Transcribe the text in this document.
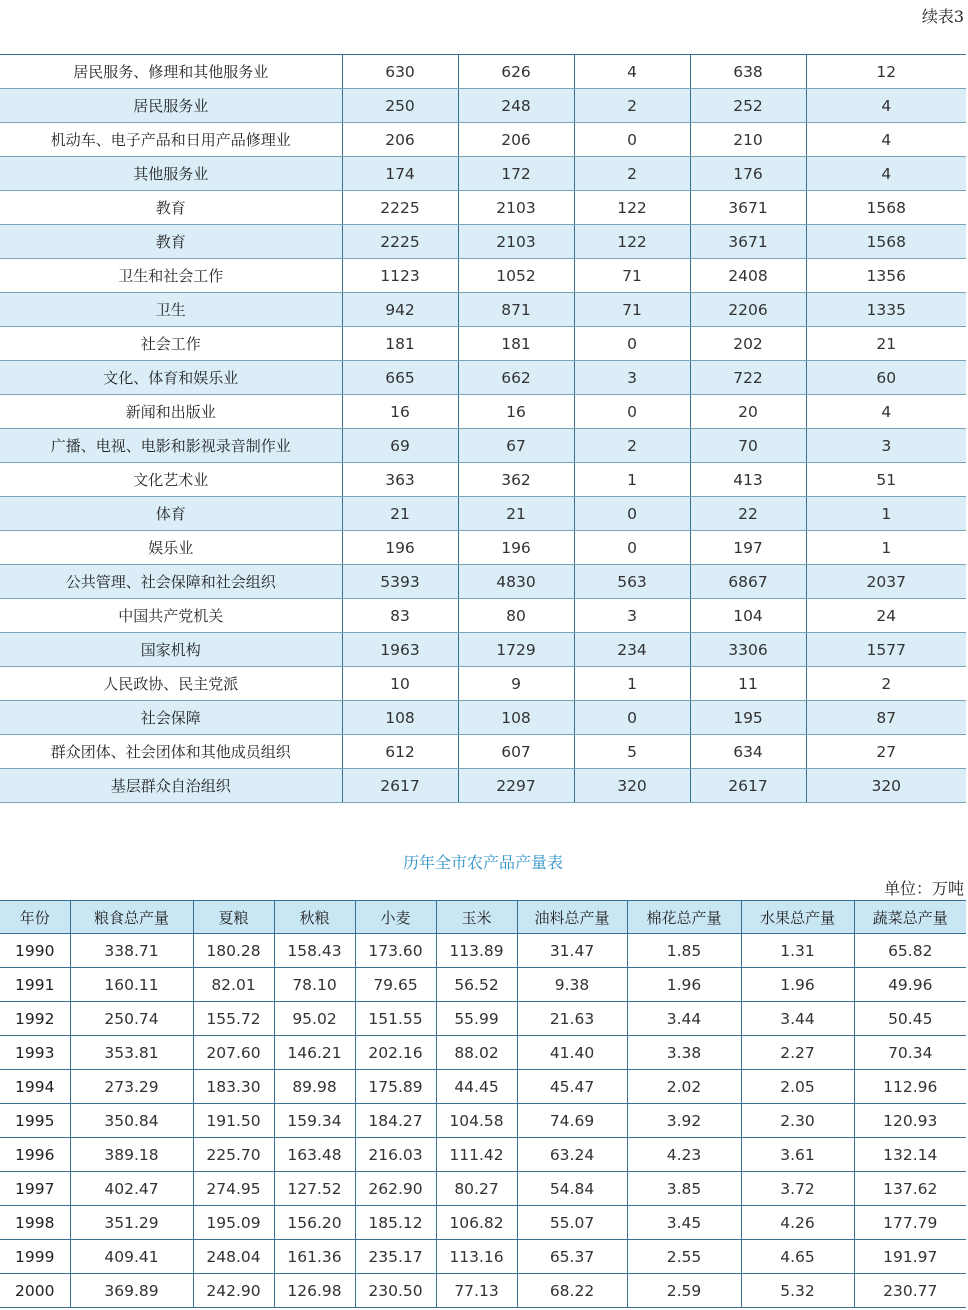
续表3
居民服务、修理和其他服务业	630	626	4	638	12
居民服务业	250	248	2	252	4
机动车、电子产品和日用产品修理业	206	206	0	210	4
其他服务业	174	172	2	176	4
教育	2225	2103	122	3671	1568
教育	2225	2103	122	3671	1568
卫生和社会工作	1123	1052	71	2408	1356
卫生	942	871	71	2206	1335
社会工作	181	181	0	202	21
文化、体育和娱乐业	665	662	3	722	60
新闻和出版业	16	16	0	20	4
广播、电视、电影和影视录音制作业	69	67	2	70	3
文化艺术业	363	362	1	413	51
体育	21	21	0	22	1
娱乐业	196	196	0	197	1
公共管理、社会保障和社会组织	5393	4830	563	6867	2037
中国共产党机关	83	80	3	104	24
国家机构	1963	1729	234	3306	1577
人民政协、民主党派	10	9	1	11	2
社会保障	108	108	0	195	87
群众团体、社会团体和其他成员组织	612	607	5	634	27
基层群众自治组织	2617	2297	320	2617	320
历年全市农产品产量表
单位：万吨
年份	粮食总产量	夏粮	秋粮	小麦	玉米	油料总产量	棉花总产量	水果总产量	蔬菜总产量
1990	338.71	180.28	158.43	173.60	113.89	31.47	1.85	1.31	65.82
1991	160.11	82.01	78.10	79.65	56.52	9.38	1.96	1.96	49.96
1992	250.74	155.72	95.02	151.55	55.99	21.63	3.44	3.44	50.45
1993	353.81	207.60	146.21	202.16	88.02	41.40	3.38	2.27	70.34
1994	273.29	183.30	89.98	175.89	44.45	45.47	2.02	2.05	112.96
1995	350.84	191.50	159.34	184.27	104.58	74.69	3.92	2.30	120.93
1996	389.18	225.70	163.48	216.03	111.42	63.24	4.23	3.61	132.14
1997	402.47	274.95	127.52	262.90	80.27	54.84	3.85	3.72	137.62
1998	351.29	195.09	156.20	185.12	106.82	55.07	3.45	4.26	177.79
1999	409.41	248.04	161.36	235.17	113.16	65.37	2.55	4.65	191.97
2000	369.89	242.90	126.98	230.50	77.13	68.22	2.59	5.32	230.77
